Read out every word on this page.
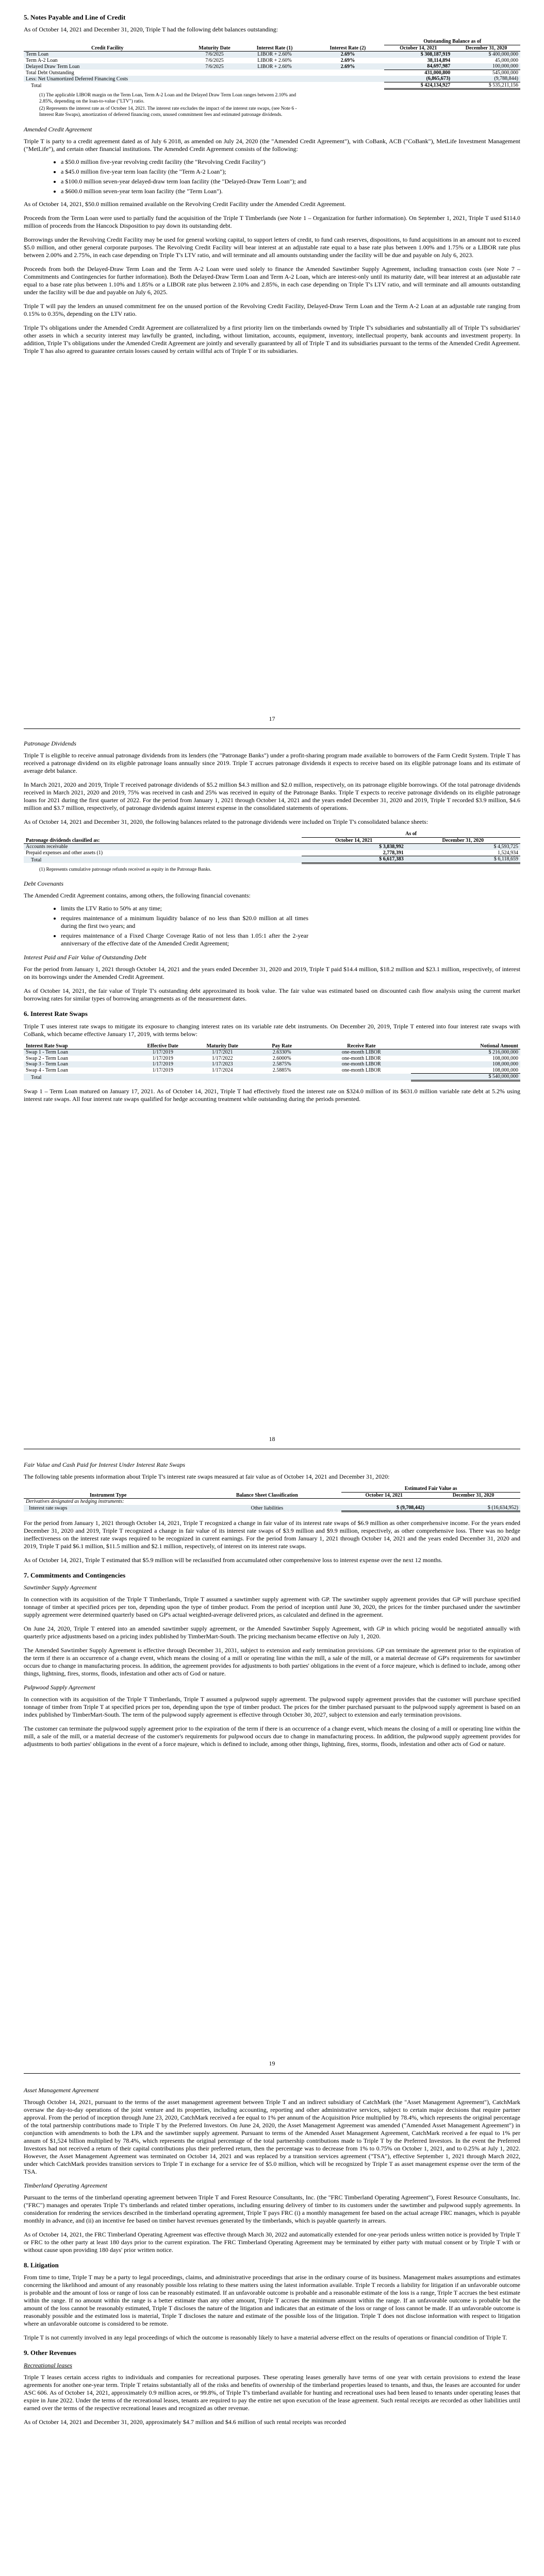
5. Notes Payable and Line of Credit

As of October 14, 2021 and December 31, 2020, Triple T had the following debt balances outstanding:

				Outstanding Balance as of	
Credit Facility	Maturity Date	Interest Rate (1)	Interest Rate (2)	October 14, 2021	December 31, 2020
Term Loan	7/6/2025	LIBOR + 2.60%	2.69%	$ 308,187,919	$ 400,000,000
Term A-2 Loan	7/6/2025	LIBOR + 2.60%	2.69%	38,114,894	45,000,000
Delayed Draw Term Loan	7/6/2025	LIBOR + 2.60%	2.69%	84,697,987	100,000,000
Total Debt Outstanding				431,000,800	545,000,000
Less: Net Unamortized Deferred Financing Costs				(6,865,673)	(9,788,844)
Total				$ 424,134,927	$ 535,211,156
(1) The applicable LIBOR margin on the Term Loan, Term A-2 Loan and the Delayed Draw Term Loan ranges between 2.10% and 2.85%, depending on the loan-to-value ("LTV") ratio.
(2) Represents the interest rate as of October 14, 2021. The interest rate excludes the impact of the interest rate swaps, (see Note 6 - Interest Rate Swaps), amortization of deferred financing costs, unused commitment fees and estimated patronage dividends.
Amended Credit Agreement

Triple T is party to a credit agreement dated as of July 6 2018, as amended on July 24, 2020 (the "Amended Credit Agreement"), with CoBank, ACB ("CoBank"), MetLife Investment Management ("MetLife"), and certain other financial institutions. The Amended Credit Agreement consists of the following:

• a $50.0 million five-year revolving credit facility (the "Revolving Credit Facility")
• a $45.0 million five-year term loan facility (the "Term A-2 Loan");
• a $100.0 million seven-year delayed-draw term loan facility (the "Delayed-Draw Term Loan"); and
• a $600.0 million seven-year term loan facility (the "Term Loan").

As of October 14, 2021, $50.0 million remained available on the Revolving Credit Facility under the Amended Credit Agreement.

Proceeds from the Term Loan were used to partially fund the acquisition of the Triple T Timberlands (see Note 1 – Organization for further information). On September 1, 2021, Triple T used $114.0 million of proceeds from the Hancock Disposition to pay down its outstanding debt.

Borrowings under the Revolving Credit Facility may be used for general working capital, to support letters of credit, to fund cash reserves, dispositions, to fund acquisitions in an amount not to exceed $5.0 million, and other general corporate purposes. The Revolving Credit Facility will bear interest at an adjustable rate equal to a base rate plus between 1.00% and 1.75% or a LIBOR rate plus between 2.00% and 2.75%, in each case depending on Triple T's LTV ratio, and will terminate and all amounts outstanding under the facility will be due and payable on July 6, 2023.

Proceeds from both the Delayed-Draw Term Loan and the Term A-2 Loan were used solely to finance the Amended Sawtimber Supply Agreement, including transaction costs (see Note 7 – Commitments and Contingencies for further information). Both the Delayed-Draw Term Loan and Term A-2 Loan, which are interest-only until its maturity date, will bear interest at an adjustable rate equal to a base rate plus between 1.10% and 1.85% or a LIBOR rate plus between 2.10% and 2.85%, in each case depending on Triple T's LTV ratio, and will terminate and all amounts outstanding under the facility will be due and payable on July 6, 2025.

Triple T will pay the lenders an unused commitment fee on the unused portion of the Revolving Credit Facility, Delayed-Draw Term Loan and the Term A-2 Loan at an adjustable rate ranging from 0.15% to 0.35%, depending on the LTV ratio.

Triple T's obligations under the Amended Credit Agreement are collateralized by a first priority lien on the timberlands owned by Triple T's subsidiaries and substantially all of Triple T's subsidiaries' other assets in which a security interest may lawfully be granted, including, without limitation, accounts, equipment, inventory, intellectual property, bank accounts and investment property. In addition, Triple T's obligations under the Amended Credit Agreement are jointly and severally guaranteed by all of Triple T and its subsidiaries pursuant to the terms of the Amended Credit Agreement. Triple T has also agreed to guarantee certain losses caused by certain willful acts of Triple T or its subsidiaries.

17
Patronage Dividends

Triple T is eligible to receive annual patronage dividends from its lenders (the "Patronage Banks") under a profit-sharing program made available to borrowers of the Farm Credit System. Triple T has received a patronage dividend on its eligible patronage loans annually since 2019. Triple T accrues patronage dividends it expects to receive based on its eligible patronage loans and its estimate of average debt balance.

In March 2021, 2020 and 2019, Triple T received patronage dividends of $5.2 million $4.3 million and $2.0 million, respectively, on its patronage eligible borrowings. Of the total patronage dividends received in March 2021, 2020 and 2019, 75% was received in cash and 25% was received in equity of the Patronage Banks. Triple T expects to receive patronage dividends on its eligible patronage loans for 2021 during the first quarter of 2022. For the period from January 1, 2021 through October 14, 2021 and the years ended December 31, 2020 and 2019, Triple T recorded $3.9 million, $4.6 million and $3.7 million, respectively, of patronage dividends against interest expense in the consolidated statements of operations.

As of October 14, 2021 and December 31, 2020, the following balances related to the patronage dividends were included on Triple T's consolidated balance sheets:

	As of	
Patronage dividends classified as:	October 14, 2021	December 31, 2020
Accounts receivable	$ 3,838,992	$ 4,593,725
Prepaid expenses and other assets (1)	2,778,391	1,524,934
Total	$ 6,617,383	$ 6,118,659
(1) Represents cumulative patronage refunds received as equity in the Patronage Banks.
Debt Covenants

The Amended Credit Agreement contains, among others, the following financial covenants:

• limits the LTV Ratio to 50% at any time;
• requires maintenance of a minimum liquidity balance of no less than $20.0 million at all times during the first two years; and
• requires maintenance of a Fixed Charge Coverage Ratio of not less than 1.05:1 after the 2-year anniversary of the effective date of the Amended Credit Agreement;
Interest Paid and Fair Value of Outstanding Debt

For the period from January 1, 2021 through October 14, 2021 and the years ended December 31, 2020 and 2019, Triple T paid $14.4 million, $18.2 million and $23.1 million, respectively, of interest on its borrowings under the Amended Credit Agreement.

As of October 14, 2021, the fair value of Triple T's outstanding debt approximated its book value. The fair value was estimated based on discounted cash flow analysis using the current market borrowing rates for similar types of borrowing arrangements as of the measurement dates.

6. Interest Rate Swaps

Triple T uses interest rate swaps to mitigate its exposure to changing interest rates on its variable rate debt instruments. On December 20, 2019, Triple T entered into four interest rate swaps with CoBank, which became effective January 17, 2019, with terms below:

Interest Rate Swap	Effective Date	Maturity Date	Pay Rate	Receive Rate	Notional Amount
Swap 1 - Term Loan	1/17/2019	1/17/2021	2.6330%	one-month LIBOR	$ 216,000,000
Swap 2 - Term Loan	1/17/2019	1/17/2022	2.6000%	one-month LIBOR	108,000,000
Swap 3 - Term Loan	1/17/2019	1/17/2023	2.5875%	one-month LIBOR	108,000,000
Swap 4 - Term Loan	1/17/2019	1/17/2024	2.5885%	one-month LIBOR	108,000,000
Total					$ 540,000,000

Swap 1 – Term Loan matured on January 17, 2021. As of October 14, 2021, Triple T had effectively fixed the interest rate on $324.0 million of its $631.0 million variable rate debt at 5.2% using interest rate swaps. All four interest rate swaps qualified for hedge accounting treatment while outstanding during the periods presented.

18
Fair Value and Cash Paid for Interest Under Interest Rate Swaps

The following table presents information about Triple T's interest rate swaps measured at fair value as of October 14, 2021 and December 31, 2020:

		Estimated Fair Value as	
Instrument Type	Balance Sheet Classification	October 14, 2021	December 31, 2020
Derivatives designated as hedging instruments:			
Interest rate swaps	Other liabilities	$ (9,708,442)	$ (16,634,952)

For the period from January 1, 2021 through October 14, 2021, Triple T recognized a change in fair value of its interest rate swaps of $6.9 million as other comprehensive income. For the years ended December 31, 2020 and 2019, Triple T recognized a change in fair value of its interest rate swaps of $3.9 million and $9.9 million, respectively, as other comprehensive loss. There was no hedge ineffectiveness on the interest rate swaps required to be recognized in current earnings. For the period from January 1, 2021 through October 14, 2021 and the years ended December 31, 2020 and 2019, Triple T paid $6.1 million, $11.5 million and $2.1 million, respectively, of interest on its interest rate swaps.

As of October 14, 2021, Triple T estimated that $5.9 million will be reclassified from accumulated other comprehensive loss to interest expense over the next 12 months.

7. Commitments and Contingencies
Sawtimber Supply Agreement

In connection with its acquisition of the Triple T Timberlands, Triple T assumed a sawtimber supply agreement with GP. The sawtimber supply agreement provides that GP will purchase specified tonnage of timber at specified prices per ton, depending upon the type of timber product. From the period of inception until June 30, 2020, the prices for the timber purchased under the sawtimber supply agreement were determined quarterly based on GP's actual weighted-average delivered prices, as calculated and defined in the agreement.

On June 24, 2020, Triple T entered into an amended sawtimber supply agreement, or the Amended Sawtimber Supply Agreement, with GP in which pricing would be negotiated annually with quarterly price adjustments based on a pricing index published by TimberMart-South. The pricing mechanism became effective on July 1, 2020.

The Amended Sawtimber Supply Agreement is effective through December 31, 2031, subject to extension and early termination provisions. GP can terminate the agreement prior to the expiration of the term if there is an occurrence of a change event, which means the closing of a mill or operating line within the mill, a sale of the mill, or a material decrease of GP's requirements for sawtimber occurs due to change in manufacturing process. In addition, the agreement provides for adjustments to both parties' obligations in the event of a force majeure, which is defined to include, among other things, lightning, fires, storms, floods, infestation and other acts of God or nature.

Pulpwood Supply Agreement

In connection with its acquisition of the Triple T Timberlands, Triple T assumed a pulpwood supply agreement. The pulpwood supply agreement provides that the customer will purchase specified tonnage of timber from Triple T at specified prices per ton, depending upon the type of timber product. The prices for the timber purchased pursuant to the pulpwood supply agreement is based on an index published by TimberMart-South. The term of the pulpwood supply agreement is effective through October 30, 2027, subject to extension and early termination provisions.

The customer can terminate the pulpwood supply agreement prior to the expiration of the term if there is an occurrence of a change event, which means the closing of a mill or operating line within the mill, a sale of the mill, or a material decrease of the customer's requirements for pulpwood occurs due to change in manufacturing process. In addition, the pulpwood supply agreement provides for adjustments to both parties' obligations in the event of a force majeure, which is defined to include, among other things, lightning, fires, storms, floods, infestation and other acts of God or nature.

19
Asset Management Agreement

Through October 14, 2021, pursuant to the terms of the asset management agreement between Triple T and an indirect subsidiary of CatchMark (the "Asset Management Agreement"), CatchMark oversaw the day-to-day operations of the joint venture and its properties, including accounting, reporting and other administrative services, subject to certain major decisions that require partner approval. From the period of inception through June 23, 2020, CatchMark received a fee equal to 1% per annum of the Acquisition Price multiplied by 78.4%, which represents the original percentage of the total partnership contributions made to Triple T by the Preferred Investors. On June 24, 2020, the Asset Management Agreement was amended ("Amended Asset Management Agreement") in conjunction with amendments to both the LPA and the sawtimber supply agreement. Pursuant to terms of the Amended Asset Management Agreement, CatchMark received a fee equal to 1% per annum of $1,524 billion multiplied by 78.4%, which represents the original percentage of the total partnership contributions made to Triple T by the Preferred Investors. In the event the Preferred Investors had not received a return of their capital contributions plus their preferred return, then the percentage was to decrease from 1% to 0.75% on October 1, 2021, and to 0.25% at July 1, 2022. However, the Asset Management Agreement was terminated on October 14, 2021 and was replaced by a transition services agreement ("TSA"), effective September 1, 2021 through March 2022, under which CatchMark provides transition services to Triple T in exchange for a service fee of $5.0 million, which will be recognized by Triple T as asset management expense over the term of the TSA.

Timberland Operating Agreement

Pursuant to the terms of the timberland operating agreement between Triple T and Forest Resource Consultants, Inc. (the "FRC Timberland Operating Agreement"), Forest Resource Consultants, Inc. ("FRC") manages and operates Triple T's timberlands and related timber operations, including ensuring delivery of timber to its customers under the sawtimber and pulpwood supply agreements. In consideration for rendering the services described in the timberland operating agreement, Triple T pays FRC (i) a monthly management fee based on the actual acreage FRC manages, which is payable monthly in advance, and (ii) an incentive fee based on timber harvest revenues generated by the timberlands, which is payable quarterly in arrears.

As of October 14, 2021, the FRC Timberland Operating Agreement was effective through March 30, 2022 and automatically extended for one-year periods unless written notice is provided by Triple T or FRC to the other party at least 180 days prior to the current expiration. The FRC Timberland Operating Agreement may be terminated by either party with mutual consent or by Triple T with or without cause upon providing 180 days' prior written notice.

8. Litigation

From time to time, Triple T may be a party to legal proceedings, claims, and administrative proceedings that arise in the ordinary course of its business. Management makes assumptions and estimates concerning the likelihood and amount of any reasonably possible loss relating to these matters using the latest information available. Triple T records a liability for litigation if an unfavorable outcome is probable and the amount of loss or range of loss can be reasonably estimated. If an unfavorable outcome is probable and a reasonable estimate of the loss is a range, Triple T accrues the best estimate within the range. If no amount within the range is a better estimate than any other amount, Triple T accrues the minimum amount within the range. If an unfavorable outcome is probable but the amount of the loss cannot be reasonably estimated, Triple T discloses the nature of the litigation and indicates that an estimate of the loss or range of loss cannot be made. If an unfavorable outcome is reasonably possible and the estimated loss is material, Triple T discloses the nature and estimate of the possible loss of the litigation. Triple T does not disclose information with respect to litigation where an unfavorable outcome is considered to be remote.

Triple T is not currently involved in any legal proceedings of which the outcome is reasonably likely to have a material adverse effect on the results of operations or financial condition of Triple T.

9. Other Revenues
Recreational leases

Triple T leases certain access rights to individuals and companies for recreational purposes. These operating leases generally have terms of one year with certain provisions to extend the lease agreements for another one-year term. Triple T retains substantially all of the risks and benefits of ownership of the timberland properties leased to tenants, and thus, the leases are accounted for under ASC 606. As of October 14, 2021, approximately 0.9 million acres, or 99.8%, of Triple T's timberland available for hunting and recreational uses had been leased to tenants under operating leases that expire in June 2022. Under the terms of the recreational leases, tenants are required to pay the entire net upon execution of the lease agreement. Such rental receipts are recorded as other liabilities until earned over the terms of the respective recreational leases and recognized as other revenue.

As of October 14, 2021 and December 31, 2020, approximately $4.7 million and $4.6 million of such rental receipts was recorded
